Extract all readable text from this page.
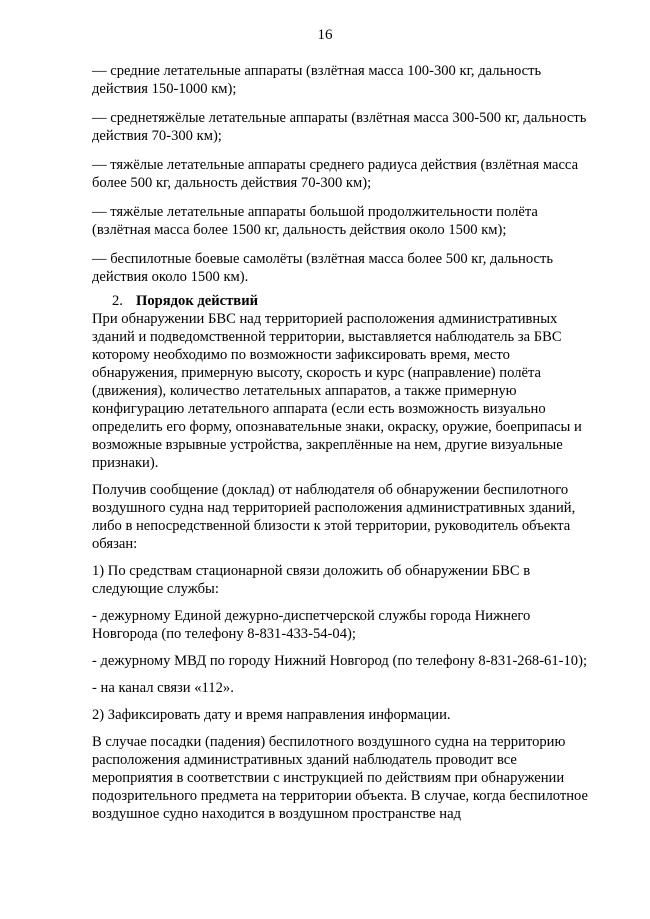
16

— средние летательные аппараты (взлётная масса 100-300 кг, дальность действия 150-1000 км);

— среднетяжёлые летательные аппараты (взлётная масса 300-500 кг, дальность действия 70-300 км);

— тяжёлые летательные аппараты среднего радиуса действия (взлётная масса более 500 кг, дальность действия 70-300 км);

— тяжёлые летательные аппараты большой продолжительности полёта (взлётная масса более 1500 кг, дальность действия около 1500 км);

— беспилотные боевые самолёты (взлётная масса более 500 кг, дальность действия около 1500 км).

2. Порядок действий

При обнаружении БВС над территорией расположения административных зданий и подведомственной территории, выставляется наблюдатель за БВС которому необходимо по возможности зафиксировать время, место обнаружения, примерную высоту, скорость и курс (направление) полёта (движения), количество летательных аппаратов, а также примерную конфигурацию летательного аппарата (если есть возможность визуально определить его форму, опознавательные знаки, окраску, оружие, боеприпасы и возможные взрывные устройства, закреплённые на нем, другие визуальные признаки).

Получив сообщение (доклад) от наблюдателя об обнаружении беспилотного воздушного судна над территорией расположения административных зданий, либо в непосредственной близости к этой территории, руководитель объекта обязан:

1) По средствам стационарной связи доложить об обнаружении БВС в следующие службы:

- дежурному Единой дежурно-диспетчерской службы города Нижнего Новгорода (по телефону 8-831-433-54-04);

- дежурному МВД по городу Нижний Новгород (по телефону 8-831-268-61-10);

- на канал связи «112».

2) Зафиксировать дату и время направления информации.

В случае посадки (падения) беспилотного воздушного судна на территорию расположения административных зданий наблюдатель проводит все мероприятия в соответствии с инструкцией по действиям при обнаружении подозрительного предмета на территории объекта. В случае, когда беспилотное воздушное судно находится в воздушном пространстве над
